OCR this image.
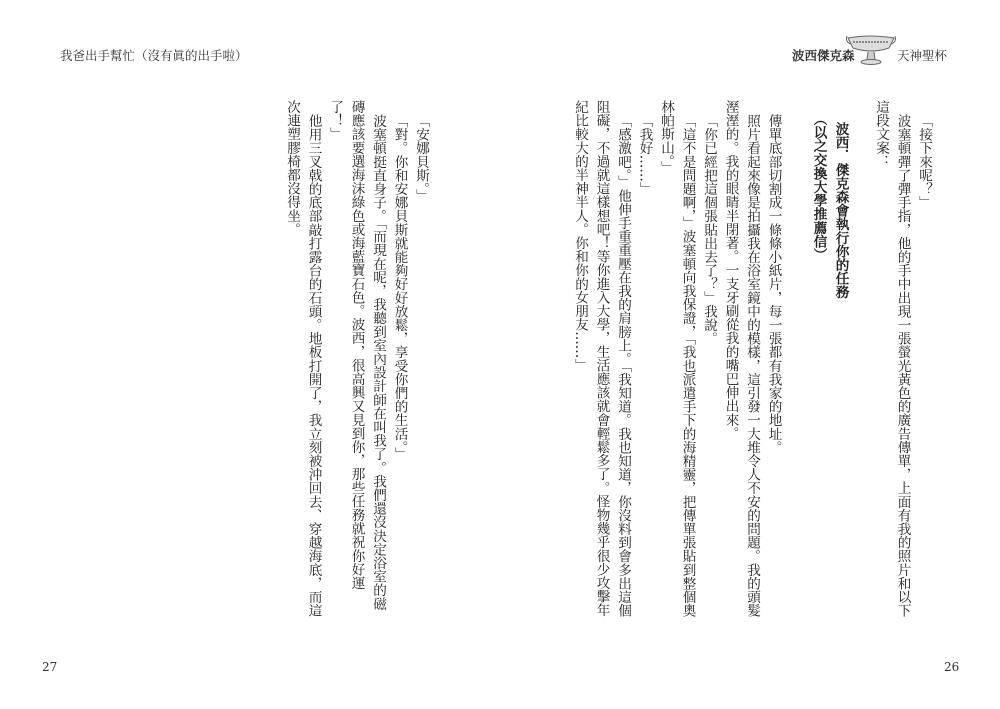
我爸出手幫忙（沒有眞的出手啦）
27

「安娜貝斯。」

「對。你和安娜貝斯就能夠好好放鬆，享受你們的生活。」

波塞頓挺直身子。「而現在呢，我聽到室內設計師在叫我了。我們還沒決定浴室的磁磚應該要選海沫綠色或海藍寶石色。波西，很高興又見到你，那些任務就祝你好運了！」

他用三叉戟的底部敲打露台的石頭。地板打開了，我立刻被沖回去、穿越海底，而這次連塑膠椅都沒得坐。

波西傑克森	天神聖杯
26

「接下來呢？」

波塞頓彈了彈手指，他的手中出現一張螢光黃色的廣告傳單，上面有我的照片和以下這段文案：

波西．傑克森會執行你的任務
（以之交換大學推薦信）

傳單底部切割成一條條小紙片，每一張都有我家的地址。

照片看起來像是拍攝我在浴室鏡中的模樣，這引發一大堆令人不安的問題。我的頭髮溼溼的。我的眼睛半閉著。一支牙刷從我的嘴巴伸出來。

「你已經把這個張貼出去了？」我說。

「這不是問題啊，」波塞頓向我保證，「我也派遣手下的海精靈，把傳單張貼到整個奧林帕斯山。」

「我好……」

「感激吧。」他伸手重重壓在我的肩膀上。「我知道。我也知道，你沒料到會多出這個阻礙，不過就這樣想吧！等你進入大學，生活應該就會輕鬆多了。怪物幾乎很少攻擊年紀比較大的半神半人。你和你的女朋友……」
